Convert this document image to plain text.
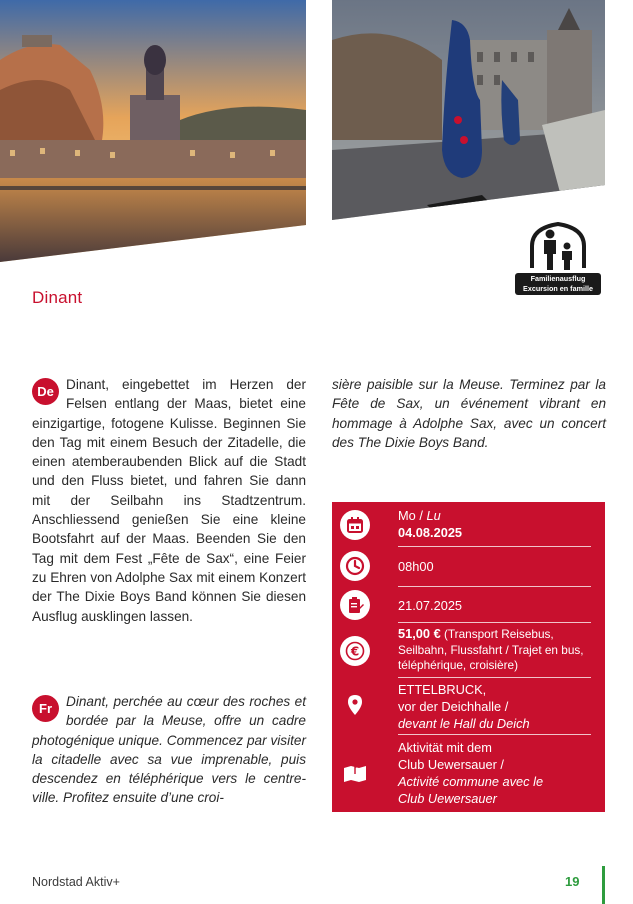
Familienausflug
Excursion en famille
Dinant
De Dinant, eingebettet im Herzen der Felsen entlang der Maas, bietet eine einzigartige, fotogene Kulisse. Beginnen Sie den Tag mit einem Besuch der Zitadelle, die einen atemberaubenden Blick auf die Stadt und den Fluss bietet, und fahren Sie dann mit der Seilbahn ins Stadtzentrum. Anschliessend genießen Sie eine kleine Bootsfahrt auf der Maas. Beenden Sie den Tag mit dem Fest „Fête de Sax“, eine Feier zu Ehren von Adolphe Sax mit einem Konzert der The Dixie Boys Band können Sie diesen Ausflug ausklingen lassen.
Fr	Dinant, perchée au cœur des roches et bordée par la Meuse, offre un cadre photogénique unique. Commencez par visiter la citadelle avec sa vue imprenable, puis descendez en téléphérique vers le centre-ville. Profitez ensuite d’une croi-
sière paisible sur la Meuse. Terminez par la Fête de Sax, un événement vibrant en hommage à Adolphe Sax, avec un concert des The Dixie Boys Band.
Mo / Lu
04.08.2025
08h00
21.07.2025
€
51,00 € (Transport Reisebus, Seilbahn, Flussfahrt / Trajet en bus, téléphérique, croisière)
ETTELBRUCK,
vor der Deichhalle /
devant le Hall du Deich
Aktivität mit dem
Club Uewersauer /
Activité commune avec le
Club Uewersauer
Nordstad Aktiv+	19
